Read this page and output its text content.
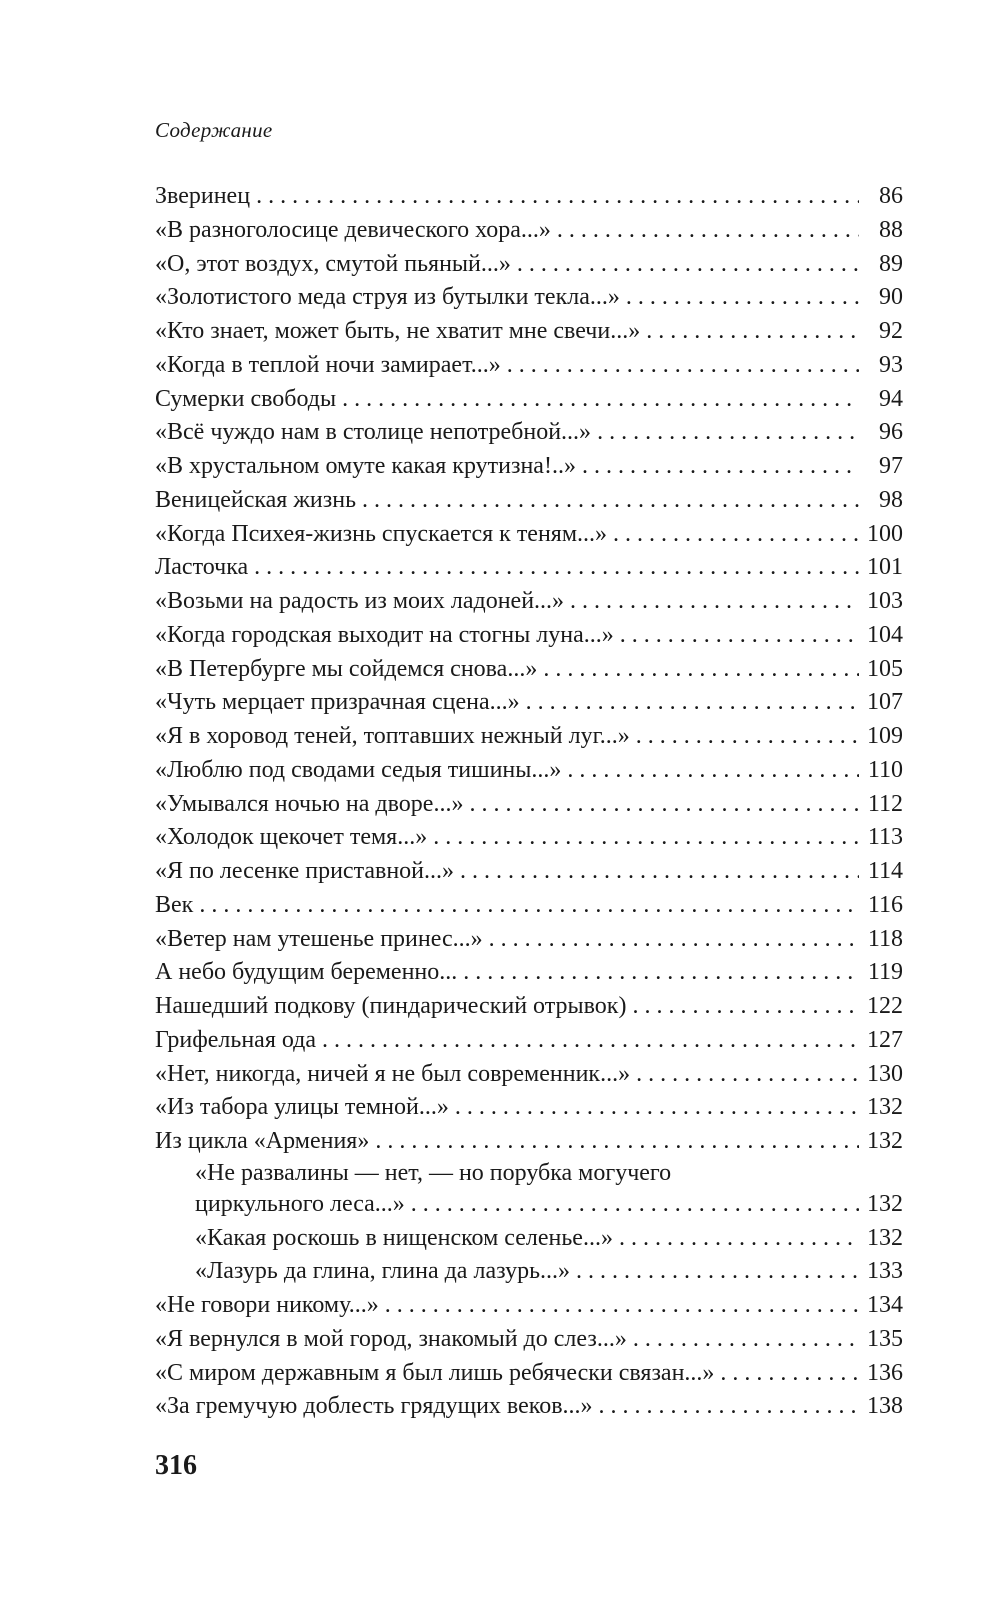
Содержание
Зверинец . . .	86
«В разноголосице девического хора...» . . .	88
«О, этот воздух, смутой пьяный...» . . .	89
«Золотистого меда струя из бутылки текла...» . . .	90
«Кто знает, может быть, не хватит мне свечи...» . . .	92
«Когда в теплой ночи замирает...» . . .	93
Сумерки свободы . . .	94
«Всё чуждо нам в столице непотребной...» . . .	96
«В хрустальном омуте какая крутизна!..» . . .	97
Веницейская жизнь . . .	98
«Когда Психея-жизнь спускается к теням...» . . .	100
Ласточка . . .	101
«Возьми на радость из моих ладоней...» . . .	103
«Когда городская выходит на стогны луна...» . . .	104
«В Петербурге мы сойдемся снова...» . . .	105
«Чуть мерцает призрачная сцена...» . . .	107
«Я в хоровод теней, топтавших нежный луг...» . . .	109
«Люблю под сводами седыя тишины...» . . .	110
«Умывался ночью на дворе...» . . .	112
«Холодок щекочет темя...» . . .	113
«Я по лесенке приставной...» . . .	114
Век . . .	116
«Ветер нам утешенье принес...» . . .	118
А небо будущим беременно... . . .	119
Нашедший подкову (пиндарический отрывок) . . .	122
Грифельная ода . . .	127
«Нет, никогда, ничей я не был современник...» . . .	130
«Из табора улицы темной...» . . .	132
Из цикла «Армения» . . .	132
«Не развалины — нет, — но порубка могучего
циркульного леса...» . . .	132
«Какая роскошь в нищенском селенье...» . . .	132
«Лазурь да глина, глина да лазурь...» . . .	133
«Не говори никому...» . . .	134
«Я вернулся в мой город, знакомый до слез...» . . .	135
«С миром державным я был лишь ребячески связан...» . . .	136
«За гремучую доблесть грядущих веков...» . . .	138
316
